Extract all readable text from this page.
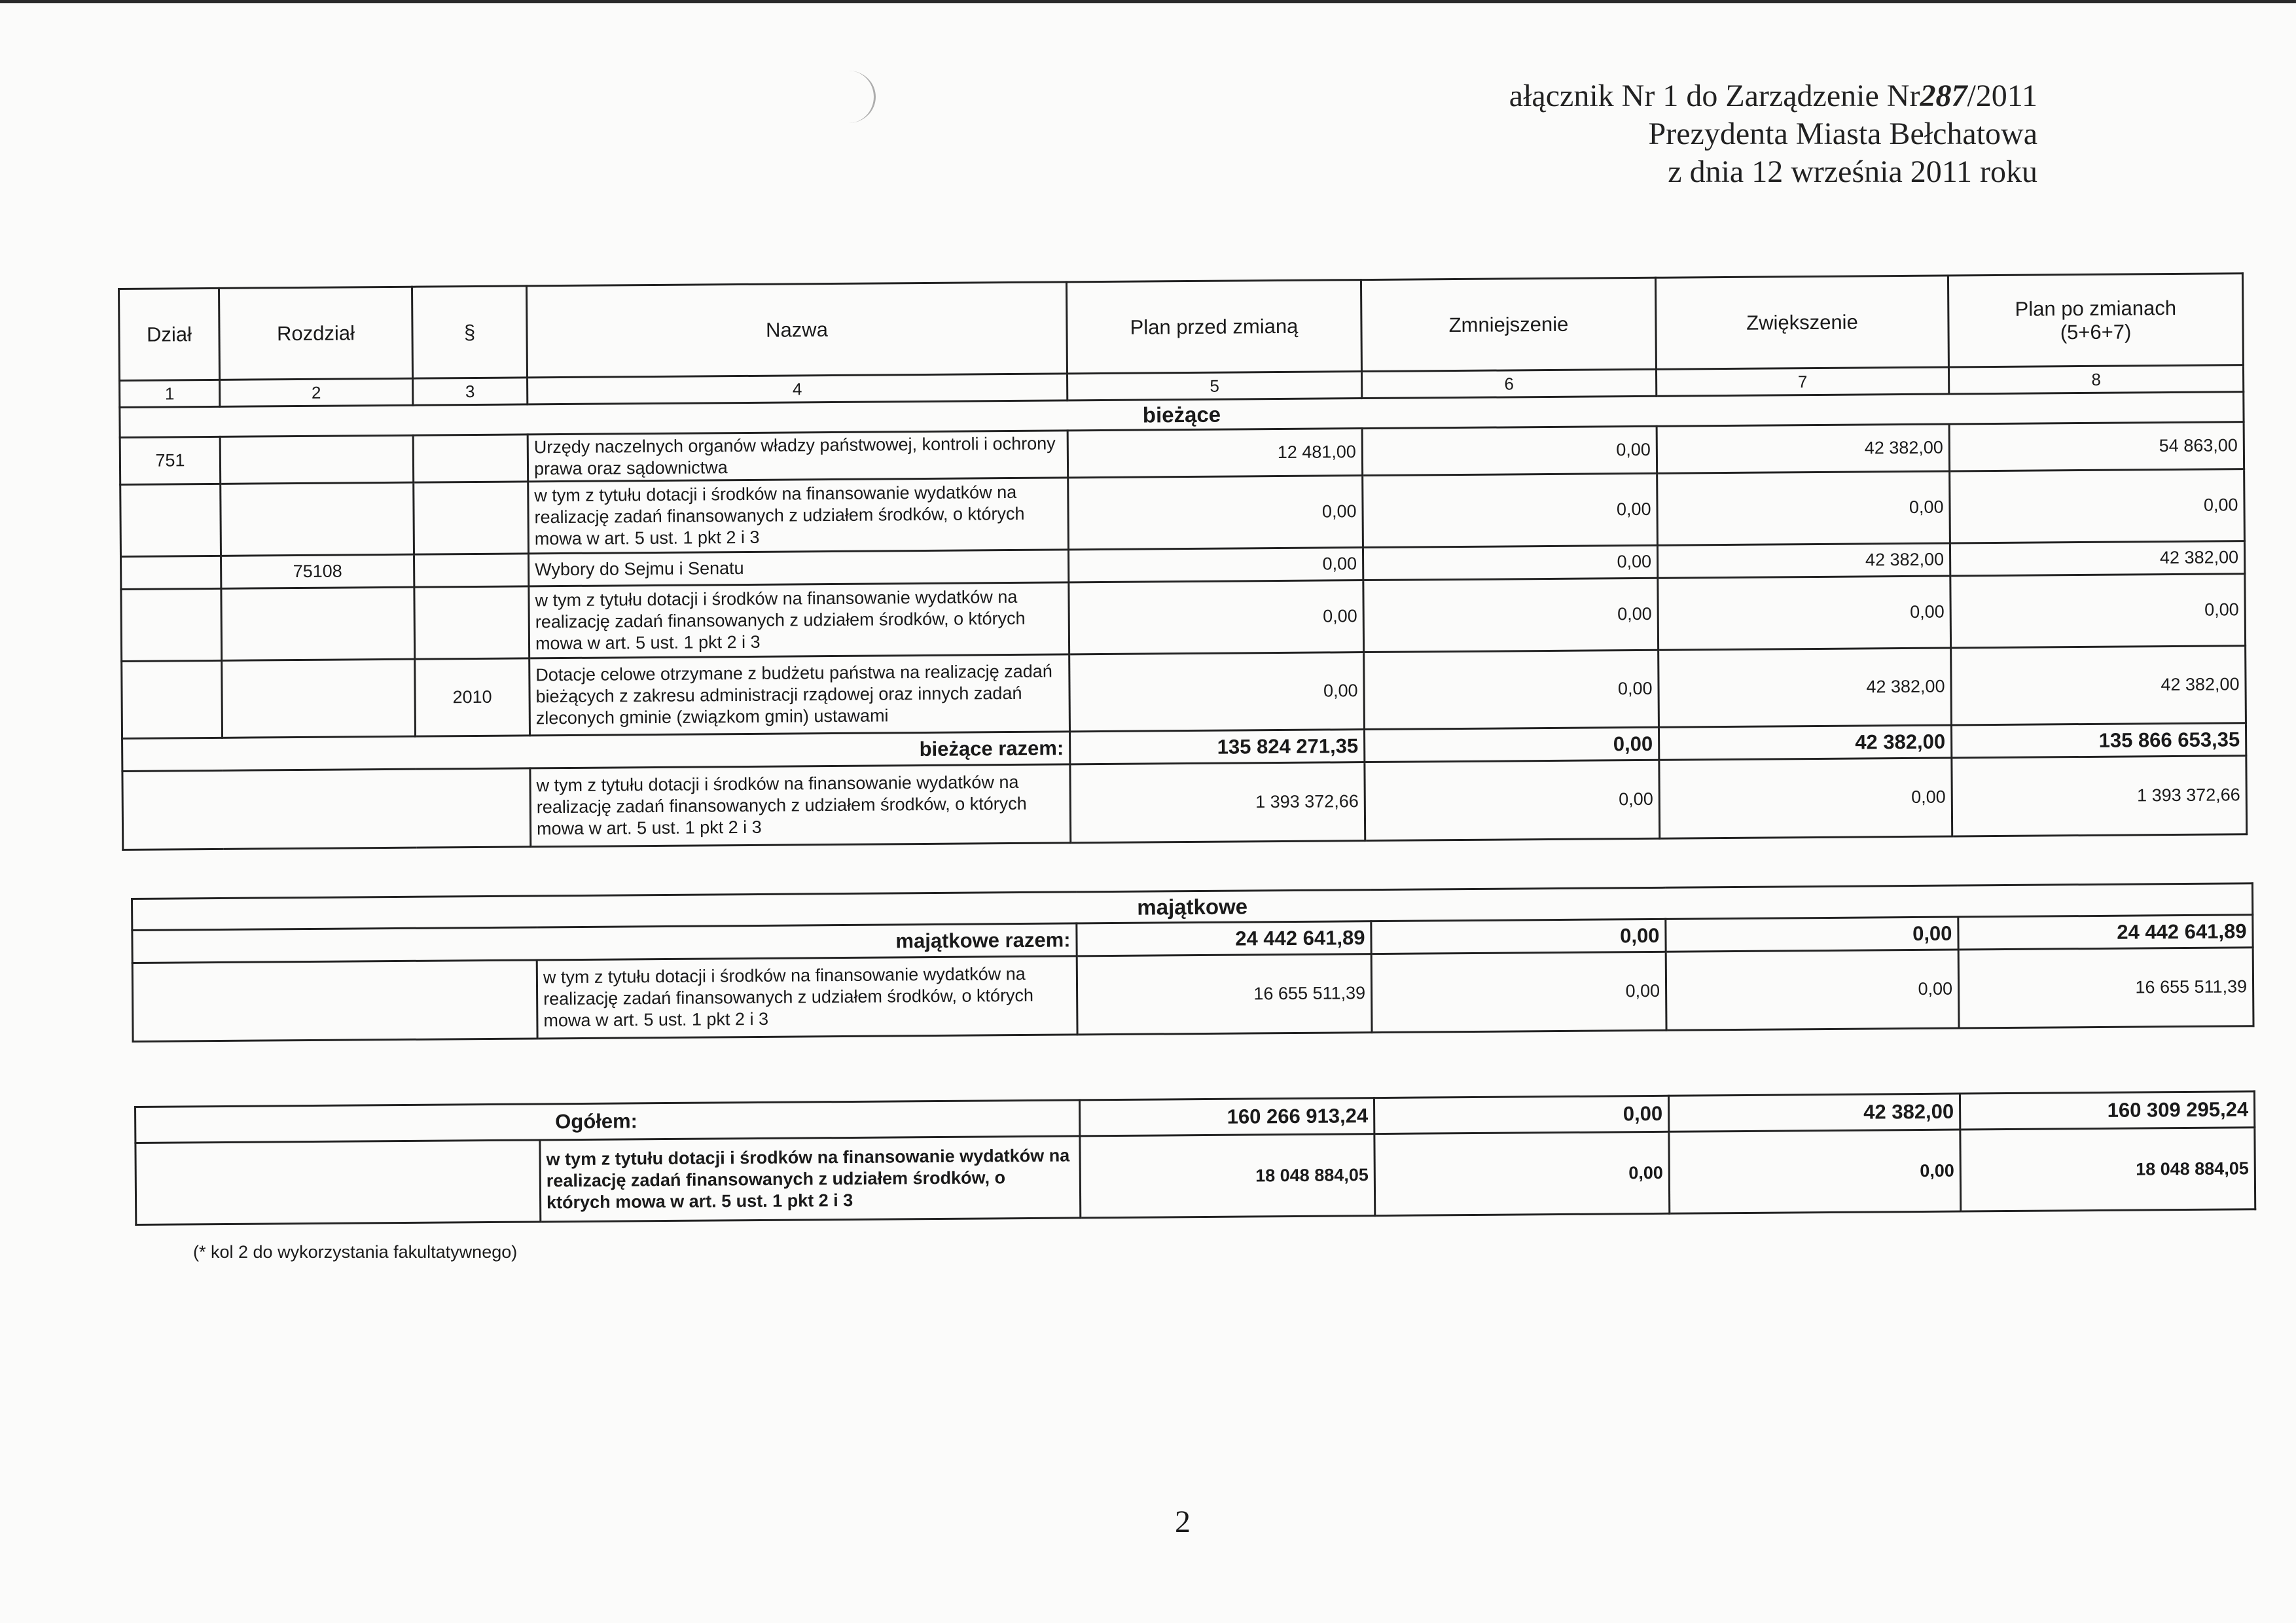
ałącznik Nr 1 do Zarządzenie Nr287/2011
Prezydenta Miasta Bełchatowa
z dnia 12 września 2011 roku
Dział	Rozdział	§	Nazwa	Plan przed zmianą	Zmniejszenie	Zwiększenie	Plan po zmianach
(5+6+7)
1	2	3	4	5	6	7	8
bieżące							
751			Urzędy naczelnych organów władzy państwowej, kontroli i ochrony prawa oraz sądownictwa	12 481,00	0,00	42 382,00	54 863,00
			w tym z tytułu dotacji i środków na finansowanie wydatków na realizację zadań finansowanych z udziałem środków, o których mowa w art. 5 ust. 1 pkt 2 i 3	0,00	0,00	0,00	0,00
	75108		Wybory do Sejmu i Senatu	0,00	0,00	42 382,00	42 382,00
			w tym z tytułu dotacji i środków na finansowanie wydatków na realizację zadań finansowanych z udziałem środków, o których mowa w art. 5 ust. 1 pkt 2 i 3	0,00	0,00	0,00	0,00
		2010	Dotacje celowe otrzymane z budżetu państwa na realizację zadań bieżących z zakresu administracji rządowej oraz innych zadań zleconych gminie (związkom gmin) ustawami	0,00	0,00	42 382,00	42 382,00
bieżące razem:				135 824 271,35	0,00	42 382,00	135 866 653,35
			w tym z tytułu dotacji i środków na finansowanie wydatków na realizację zadań finansowanych z udziałem środków, o których mowa w art. 5 ust. 1 pkt 2 i 3	1 393 372,66	0,00	0,00	1 393 372,66
majątkowe					
majątkowe razem:		24 442 641,89	0,00	0,00	24 442 641,89
	w tym z tytułu dotacji i środków na finansowanie wydatków na realizację zadań finansowanych z udziałem środków, o których mowa w art. 5 ust. 1 pkt 2 i 3	16 655 511,39	0,00	0,00	16 655 511,39
Ogółem:		160 266 913,24	0,00	42 382,00	160 309 295,24
	w tym z tytułu dotacji i środków na finansowanie wydatków na realizację zadań finansowanych z udziałem środków, o których mowa w art. 5 ust. 1 pkt 2 i 3	18 048 884,05	0,00	0,00	18 048 884,05
(* kol 2 do wykorzystania fakultatywnego)
2
